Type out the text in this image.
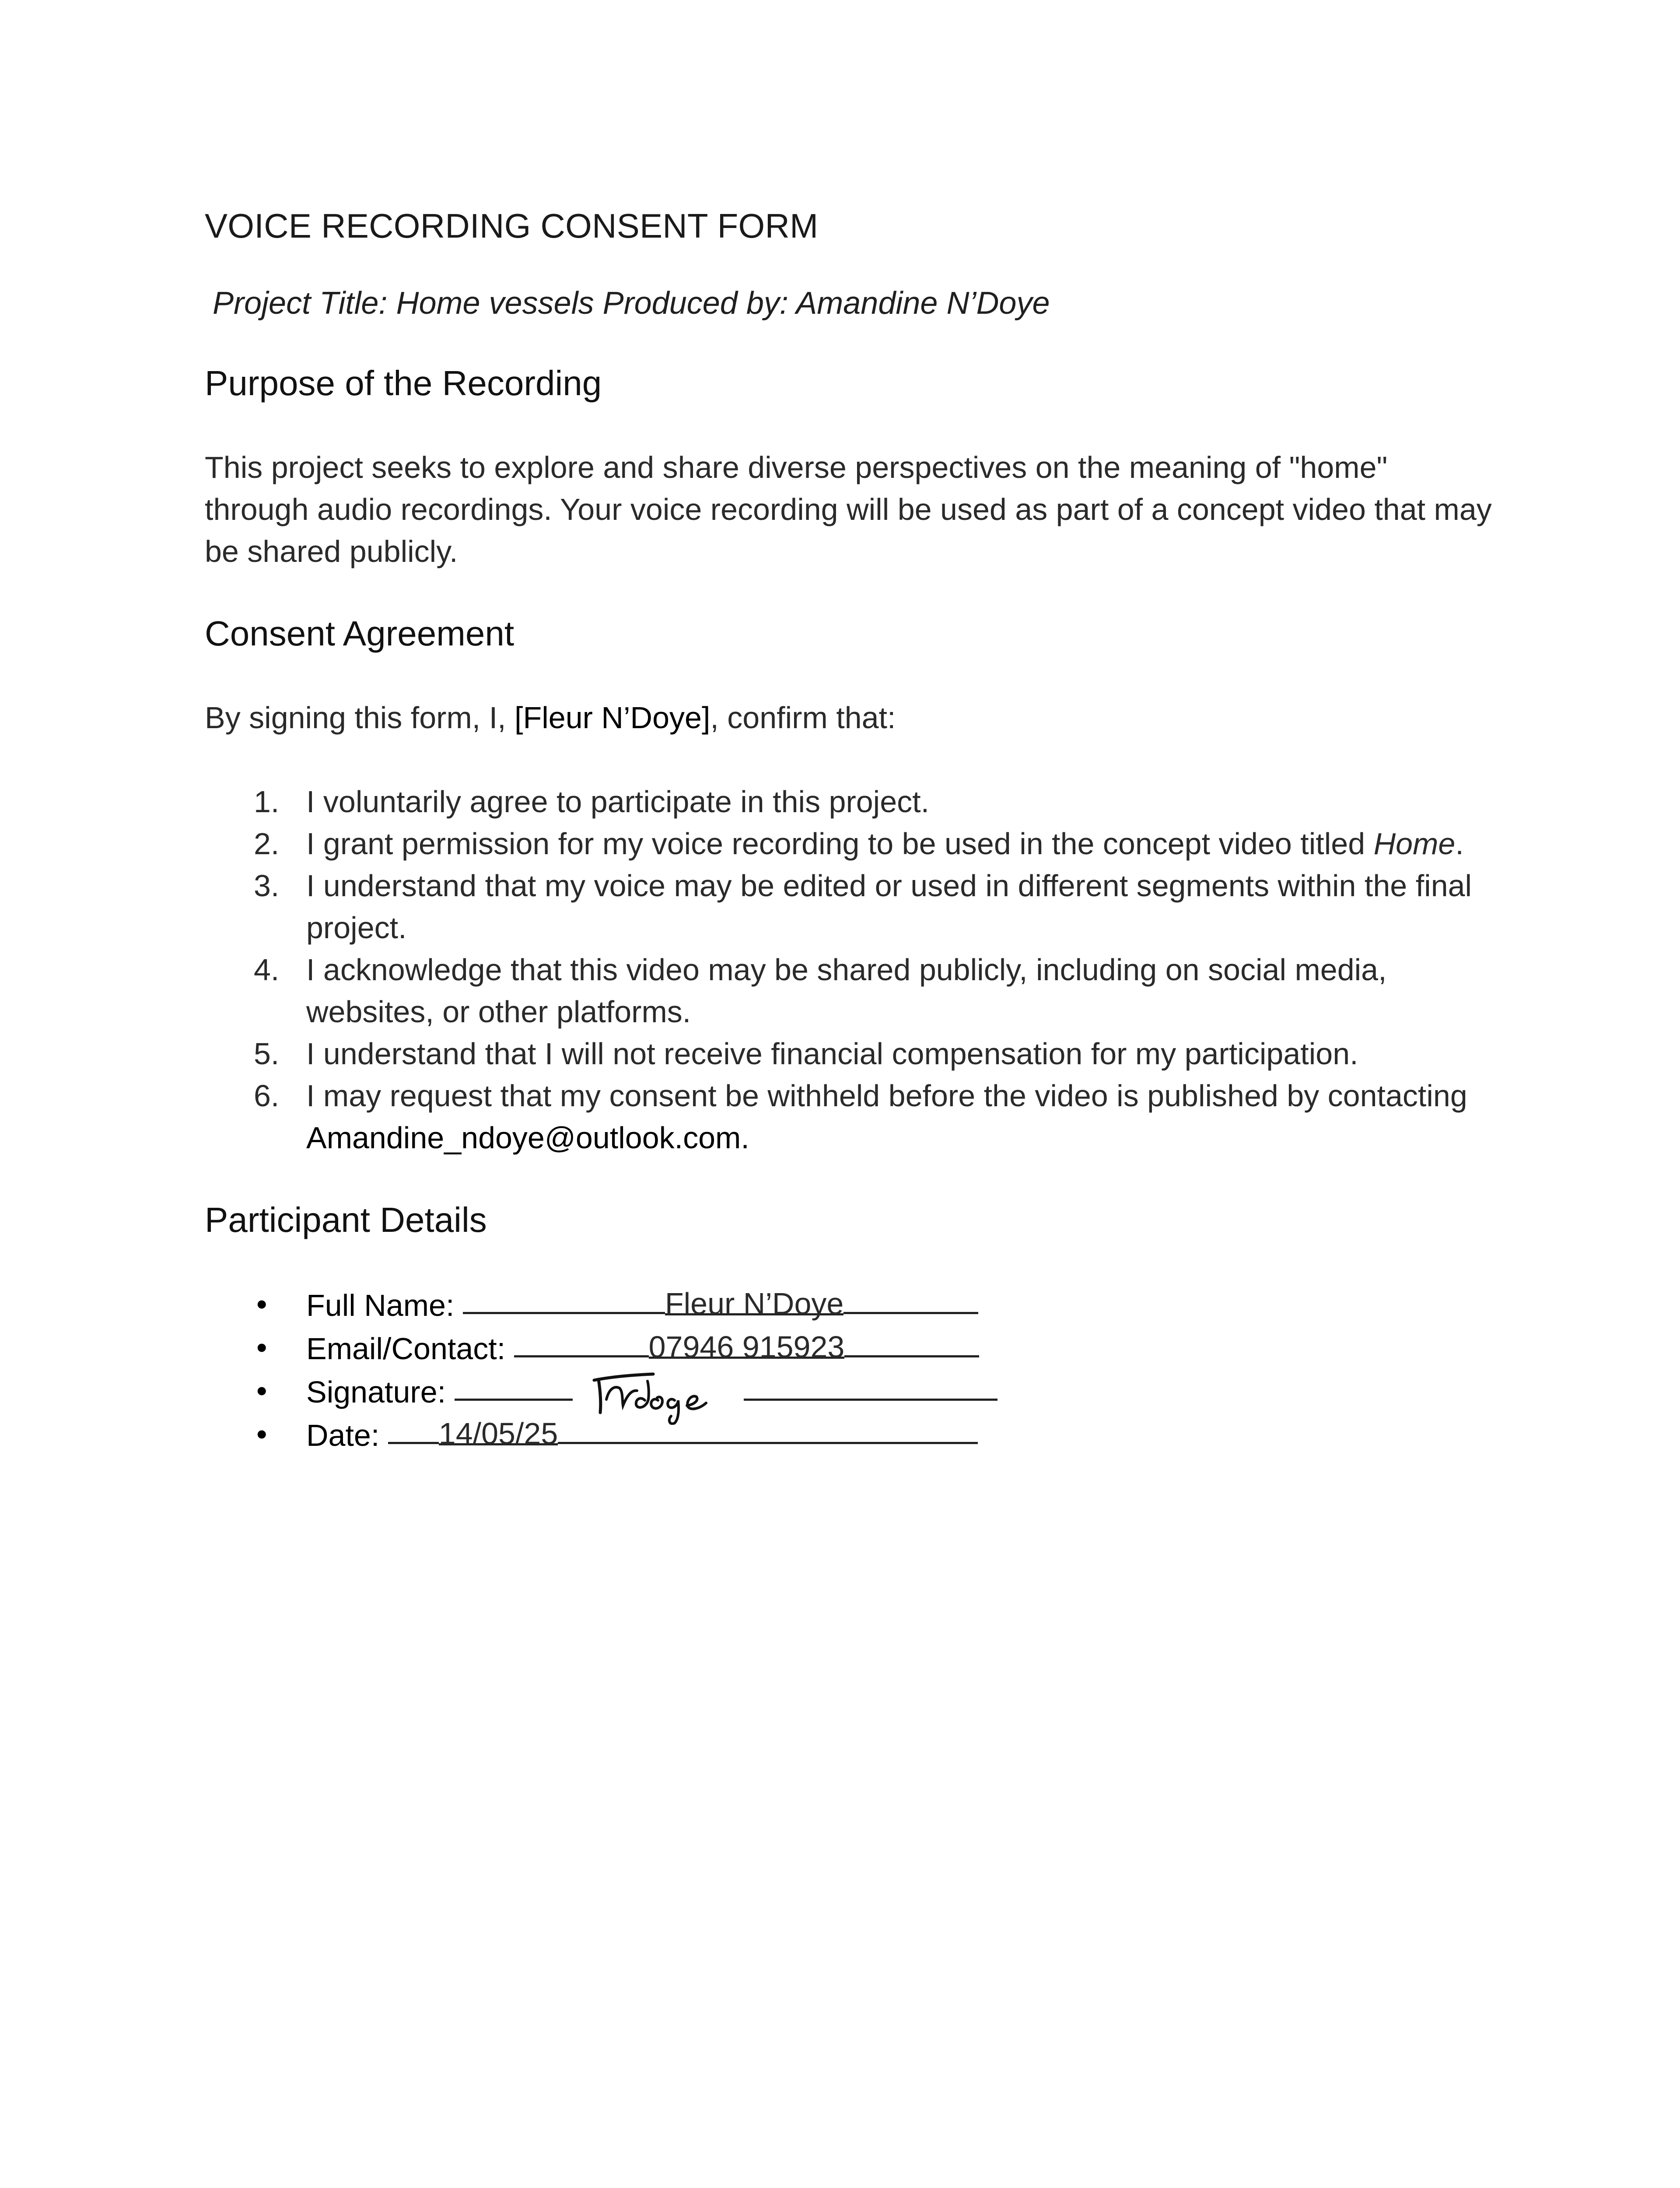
VOICE RECORDING CONSENT FORM
Project Title: Home vessels Produced by: Amandine N’Doye
Purpose of the Recording

This project seeks to explore and share diverse perspectives on the meaning of "home" through audio recordings. Your voice recording will be used as part of a concept video that may be shared publicly.

Consent Agreement

By signing this form, I, [Fleur N’Doye], confirm that:

1. I voluntarily agree to participate in this project.
2. I grant permission for my voice recording to be used in the concept video titled Home.
3. I understand that my voice may be edited or used in different segments within the final project.
4. I acknowledge that this video may be shared publicly, including on social media, websites, or other platforms.
5. I understand that I will not receive financial compensation for my participation.
6. I may request that my consent be withheld before the video is published by contacting Amandine_ndoye@outlook.com.
Participant Details
• Full Name:	Fleur N’Doye
• Email/Contact:	07946 915923
• Signature:
• Date: 14/05/25
